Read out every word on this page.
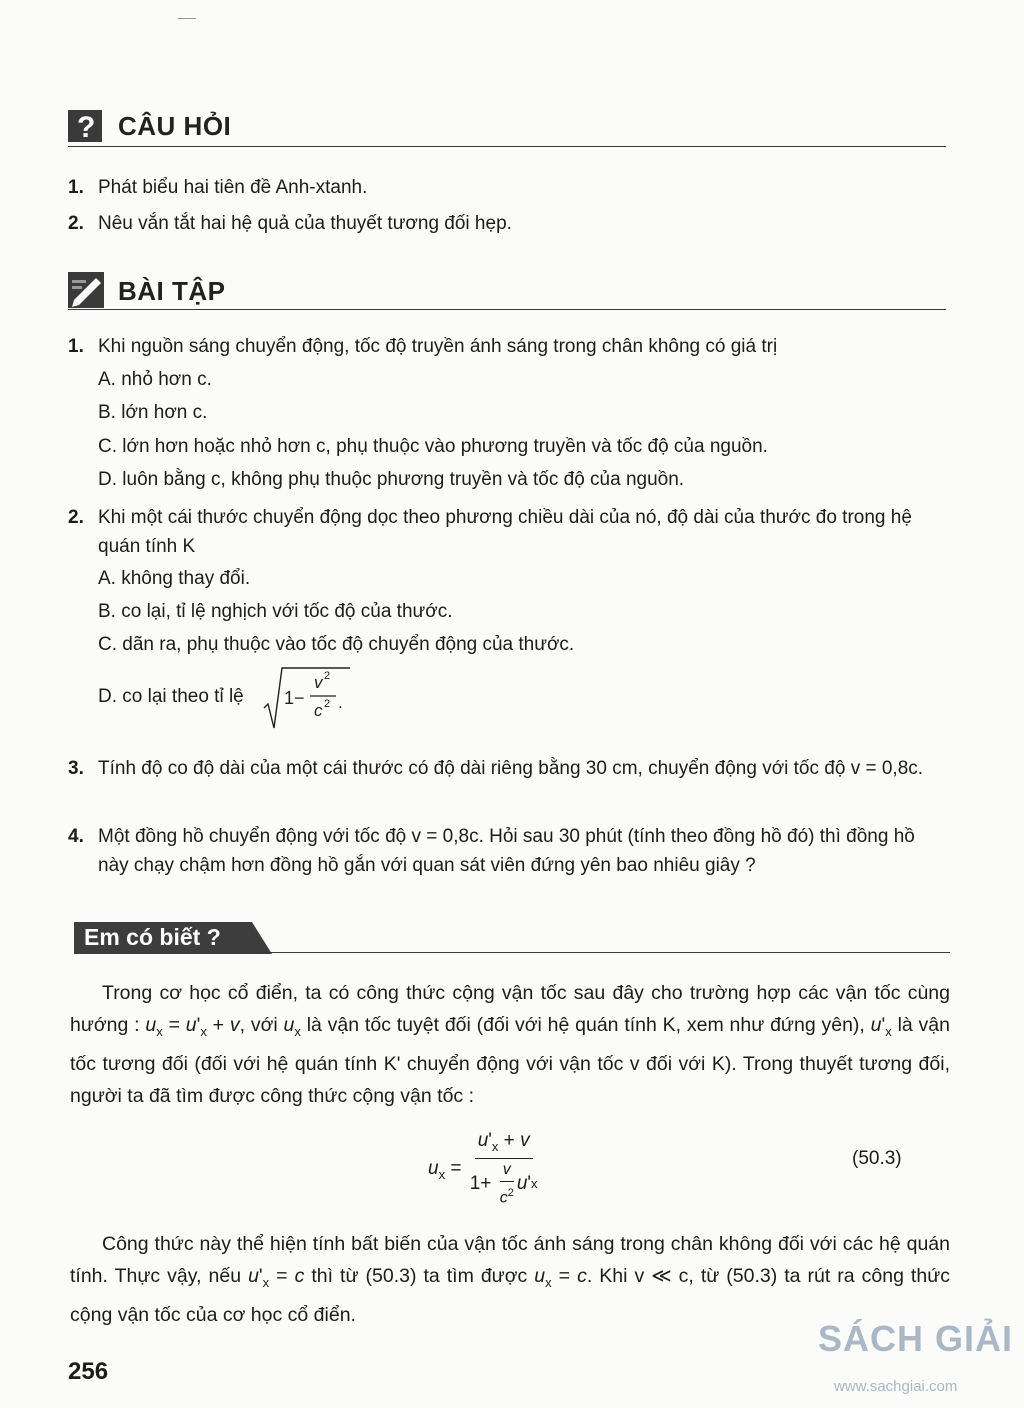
? CÂU HỎI
1. Phát biểu hai tiên đề Anh-xtanh.
2. Nêu vắn tắt hai hệ quả của thuyết tương đối hẹp.
BÀI TẬP
1. Khi nguồn sáng chuyển động, tốc độ truyền ánh sáng trong chân không có giá trị
A. nhỏ hơn c.
B. lớn hơn c.
C. lớn hơn hoặc nhỏ hơn c, phụ thuộc vào phương truyền và tốc độ của nguồn.
D. luôn bằng c, không phụ thuộc phương truyền và tốc độ của nguồn.
2. Khi một cái thước chuyển động dọc theo phương chiều dài của nó, độ dài của thước đo trong hệ quán tính K
A. không thay đổi.
B. co lại, tỉ lệ nghịch với tốc độ của thước.
C. dãn ra, phụ thuộc vào tốc độ chuyển động của thước.
D. co lại theo tỉ lệ 1−
v 2
c 2 .
3. Tính độ co độ dài của một cái thước có độ dài riêng bằng 30 cm, chuyển động với tốc độ v = 0,8c.
4. Một đồng hồ chuyển động với tốc độ v = 0,8c. Hỏi sau 30 phút (tính theo đồng hồ đó) thì đồng hồ này chạy chậm hơn đồng hồ gắn với quan sát viên đứng yên bao nhiêu giây ?
Em có biết ?
Trong cơ học cổ điển, ta có công thức cộng vận tốc sau đây cho trường hợp các vận tốc cùng hướng : $u_x = u'_x + v$, với $u_x$ là vận tốc tuyệt đối (đối với hệ quán tính K, xem như đứng yên), $u'_x$ là vận tốc tương đối (đối với hệ quán tính K' chuyển động với vận tốc v đối với K). Trong thuyết tương đối, người ta đã tìm được công thức cộng vận tốc :
$u_x = \frac{u'_x + v}{1+ \frac{v}{c^2} u ' x}$	(50.3)
Công thức này thể hiện tính bất biến của vận tốc ánh sáng trong chân không đối với các hệ quán tính. Thực vậy, nếu $u'_x = c$ thì từ (50.3) ta tìm được $u_x = c$. Khi v ≪ c, từ (50.3) ta rút ra công thức cộng vận tốc của cơ học cổ điển.
256
SÁCH GIẢI
www.sachgiai.com
